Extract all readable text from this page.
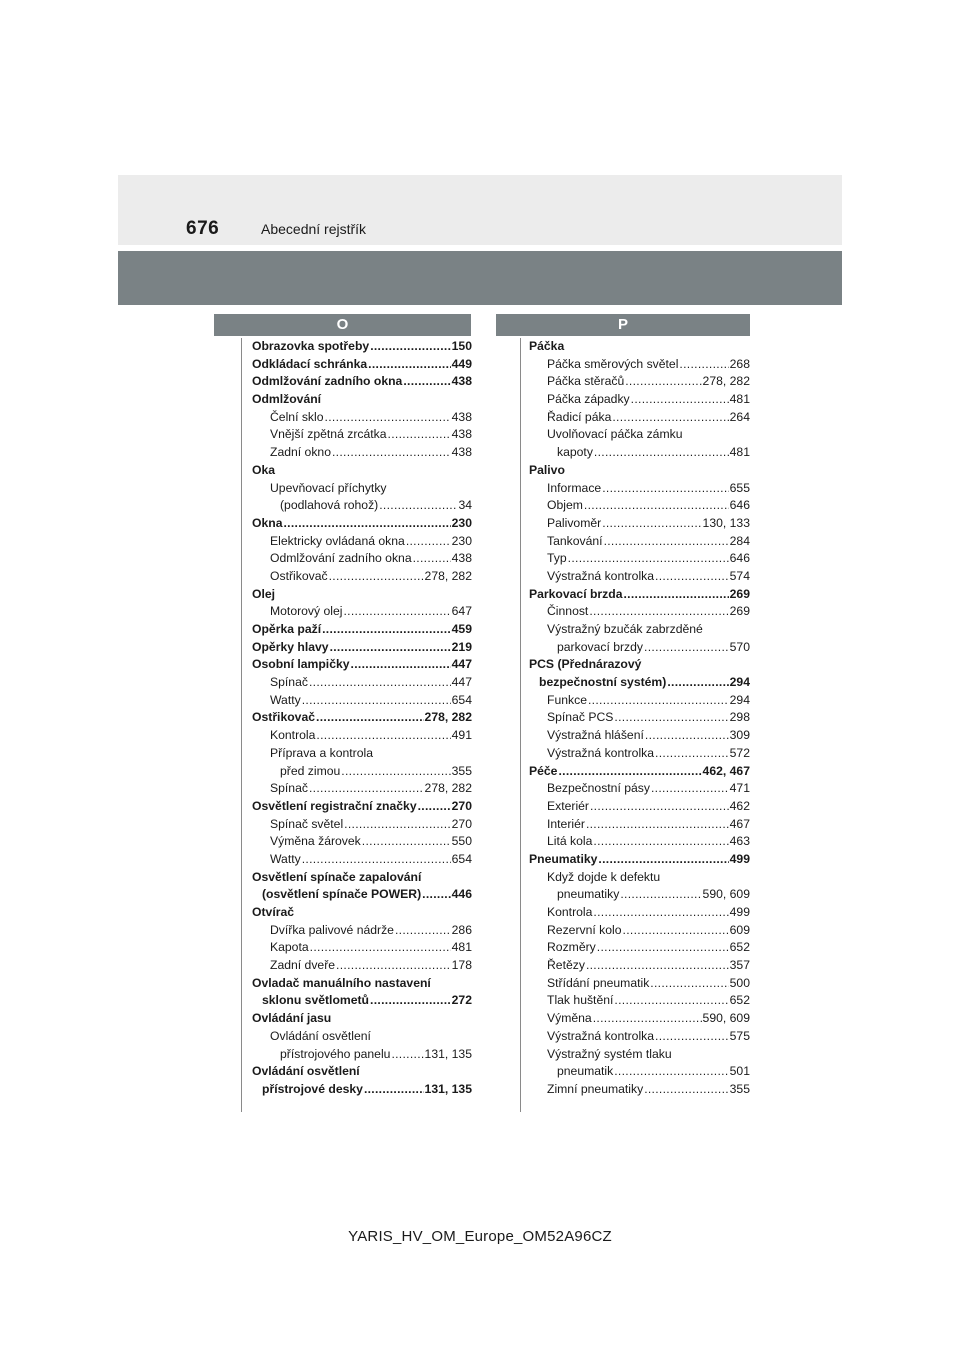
676	Abecední rejstřík
O	P
Obrazovka spotřeby .....	150
Odkládací schránka .....	449
Odmlžování zadního okna .....	438
Odmlžování
Čelní sklo .....	438
Vnější zpětná zrcátka .....	438
Zadní okno .....	438
Oka
Upevňovací příchytky
(podlahová rohož) .....	34
Okna .....	230
Elektricky ovládaná okna .....	230
Odmlžování zadního okna .....	438
Ostřikovač .....	278, 282
Olej
Motorový olej .....	647
Opěrka paží .....	459
Opěrky hlavy .....	219
Osobní lampičky .....	447
Spínač .....	447
Watty .....	654
Ostřikovač .....	278, 282
Kontrola .....	491
Příprava a kontrola
před zimou .....	355
Spínač .....	278, 282
Osvětlení registrační značky .....	270
Spínač světel .....	270
Výměna žárovek .....	550
Watty .....	654
Osvětlení spínače zapalování
(osvětlení spínače POWER) .....	446
Otvírač
Dvířka palivové nádrže .....	286
Kapota .....	481
Zadní dveře .....	178
Ovladač manuálního nastavení
sklonu světlometů .....	272
Ovládání jasu
Ovládání osvětlení
přístrojového panelu .....	131, 135
Ovládání osvětlení
přístrojové desky .....	131, 135
Páčka
Páčka směrových světel .....	268
Páčka stěračů .....	278, 282
Páčka západky .....	481
Řadicí páka .....	264
Uvolňovací páčka zámku
kapoty .....	481
Palivo
Informace .....	655
Objem .....	646
Palivoměr .....	130, 133
Tankování .....	284
Typ .....	646
Výstražná kontrolka .....	574
Parkovací brzda .....	269
Činnost .....	269
Výstražný bzučák zabrzděné
parkovací brzdy .....	570
PCS (Přednárazový
bezpečnostní systém) .....	294
Funkce .....	294
Spínač PCS .....	298
Výstražná hlášení .....	309
Výstražná kontrolka .....	572
Péče .....	462, 467
Bezpečnostní pásy .....	471
Exteriér .....	462
Interiér .....	467
Litá kola .....	463
Pneumatiky .....	499
Když dojde k defektu
pneumatiky .....	590, 609
Kontrola .....	499
Rezervní kolo .....	609
Rozměry .....	652
Řetězy .....	357
Střídání pneumatik .....	500
Tlak huštění .....	652
Výměna .....	590, 609
Výstražná kontrolka .....	575
Výstražný systém tlaku
pneumatik .....	501
Zimní pneumatiky .....	355
YARIS_HV_OM_Europe_OM52A96CZ
